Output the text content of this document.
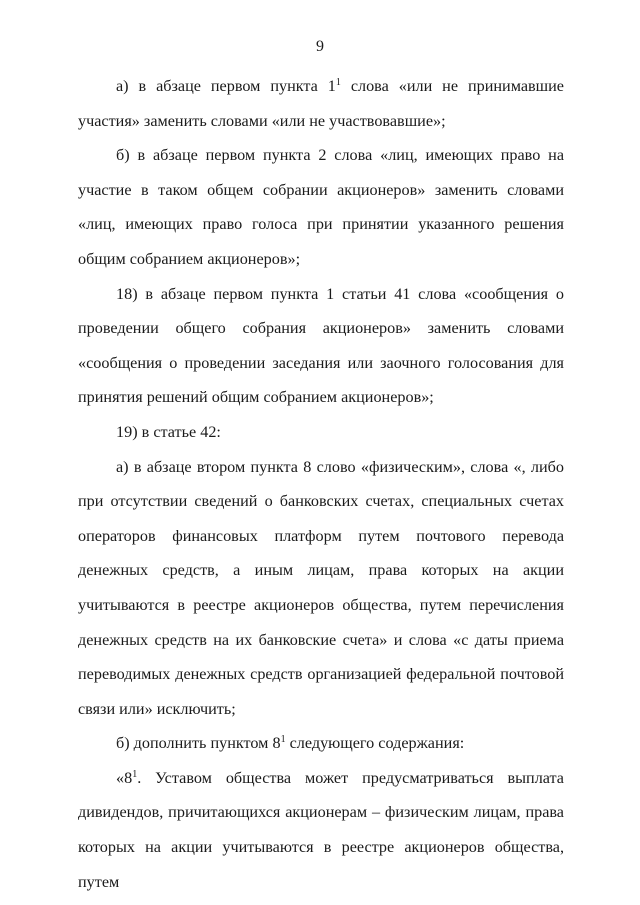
9

а) в абзаце первом пункта $1^1$ слова «или не принимавшие участия» заменить словами «или не участвовавшие»;

б) в абзаце первом пункта 2 слова «лиц, имеющих право на участие в таком общем собрании акционеров» заменить словами «лиц, имеющих право голоса при принятии указанного решения общим собранием акционеров»;

18) в абзаце первом пункта 1 статьи 41 слова «сообщения о проведении общего собрания акционеров» заменить словами «сообщения о проведении заседания или заочного голосования для принятия решений общим собранием акционеров»;

19) в статье 42:

а) в абзаце втором пункта 8 слово «физическим», слова «, либо при отсутствии сведений о банковских счетах, специальных счетах операторов финансовых платформ путем почтового перевода денежных средств, а иным лицам, права которых на акции учитываются в реестре акционеров общества, путем перечисления денежных средств на их банковские счета» и слова «с даты приема переводимых денежных средств организацией федеральной почтовой связи или» исключить;

б) дополнить пунктом $8^1$ следующего содержания:

«$8^1$. Уставом общества может предусматриваться выплата дивидендов, причитающихся акционерам – физическим лицам, права которых на акции учитываются в реестре акционеров общества, путем
